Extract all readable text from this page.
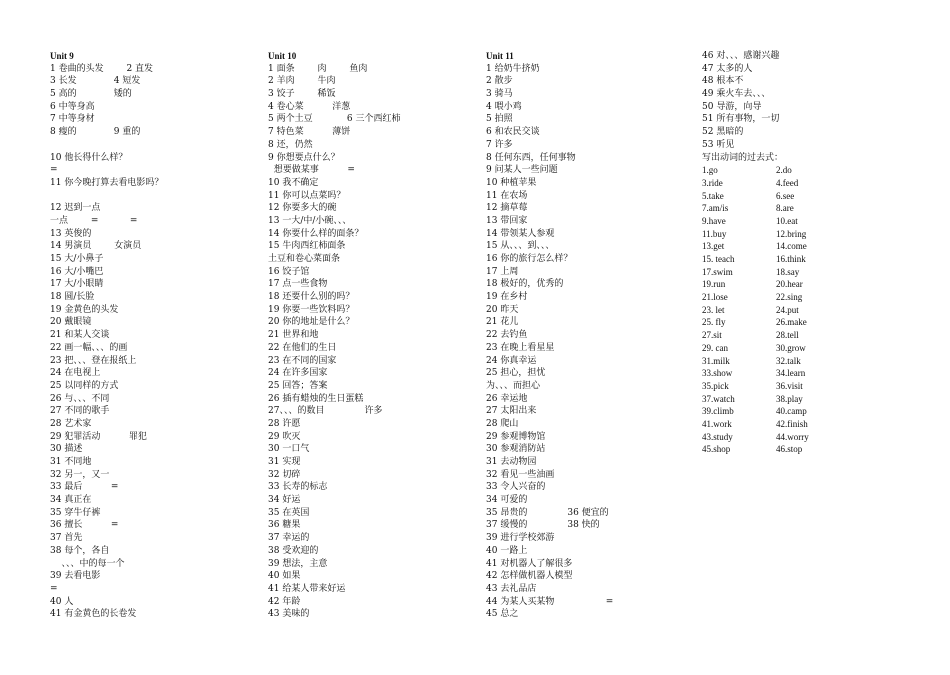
Unit 9
1 卷曲的头发        2 直发
3 长发             4 短发
5 高的             矮的
6 中等身高
7 中等身材
8 瘦的             9 重的
10 他长得什么样？
=
11 你今晚打算去看电影吗？
12 迟到一点
一点        =           =
13 英俊的
14 男演员        女演员
15 大/小鼻子
16 大/小嘴巴
17 大/小眼睛
18 圆/长脸
19 金黄色的头发
20 戴眼镜
21 和某人交谈
22 画一幅、、、的画
23 把、、、登在报纸上
24 在电视上
25 以同样的方式
26 与、、、不同
27 不同的歌手
28 艺术家
29 犯罪活动          罪犯
30 描述
31 不同地
32 另一，又一
33 最后          =
34 真正在
35 穿牛仔裤
36 擅长          =
37 首先
38 每个，各自
、、、中的每一个
39 去看电影
=
40 人
41 有金黄色的长卷发
Unit 10
1 面条        肉        鱼肉
2 羊肉        牛肉
3 饺子        稀饭
4 卷心菜          洋葱
5 两个土豆            6 三个西红柿
7 特色菜          薄饼
8 还，仍然
9 你想要点什么？
想要做某事          =
10 我不确定
11 你可以点菜吗？
12 你要多大的碗
13 一大/中/小碗、、、
14 你要什么样的面条？
15 牛肉西红柿面条
土豆和卷心菜面条
16 饺子馆
17 点一些食物
18 还要什么别的吗？
19 你要一些饮料吗？
20 你的地址是什么？
21 世界和地
22 在他们的生日
23 在不同的国家
24 在许多国家
25 回答；答案
26 插有蜡烛的生日蛋糕
27、、、的数目              许多
28 许愿
29 吹灭
30 一口气
31 实现
32 切碎
33 长寿的标志
34 好运
35 在英国
36 糖果
37 幸运的
38 受欢迎的
39 想法，主意
40 如果
41 给某人带来好运
42 年龄
43 美味的
Unit 11
1 给奶牛挤奶
2 散步
3 骑马
4 喂小鸡
5 拍照
6 和农民交谈
7 许多
8 任何东西，任何事物
9 问某人一些问题
10 种植苹果
11 在农场
12 摘草莓
13 带回家
14 带领某人参观
15 从、、、到、、、
16 你的旅行怎么样？
17 上周
18 极好的，优秀的
19 在乡村
20 昨天
21 花儿
22 去钓鱼
23 在晚上看星星
24 你真幸运
25 担心，担忧
为、、、而担心
26 幸运地
27 太阳出来
28 爬山
29 参观博物馆
30 参观消防站
31 去动物园
32 看见一些油画
33 令人兴奋的
34 可爱的
35 昂贵的              36 便宜的
37 缓慢的              38 快的
39 进行学校郊游
40 一路上
41 对机器人了解很多
42 怎样做机器人模型
43 去礼品店
44 为某人买某物                  =
45 总之
46 对、、、感谢兴趣
47 太多的人
48 根本不
49 乘火车去、、、
50 导游，向导
51 所有事物，一切
52 黑暗的
53 听见
写出动词的过去式：
1.go	2.do
3.ride	4.feed
5.take	6.see
7.am/is	8.are
9.have	10.eat
11.buy	12.bring
13.get	14.come
15. teach	16.think
17.swim	18.say
19.run	20.hear
21.lose	22.sing
23. let	24.put
25. fly	26.make
27.sit	28.tell
29. can	30.grow
31.milk	32.talk
33.show	34.learn
35.pick	36.visit
37.watch	38.play
39.climb	40.camp
41.work	42.finish
43.study	44.worry
45.shop	46.stop
